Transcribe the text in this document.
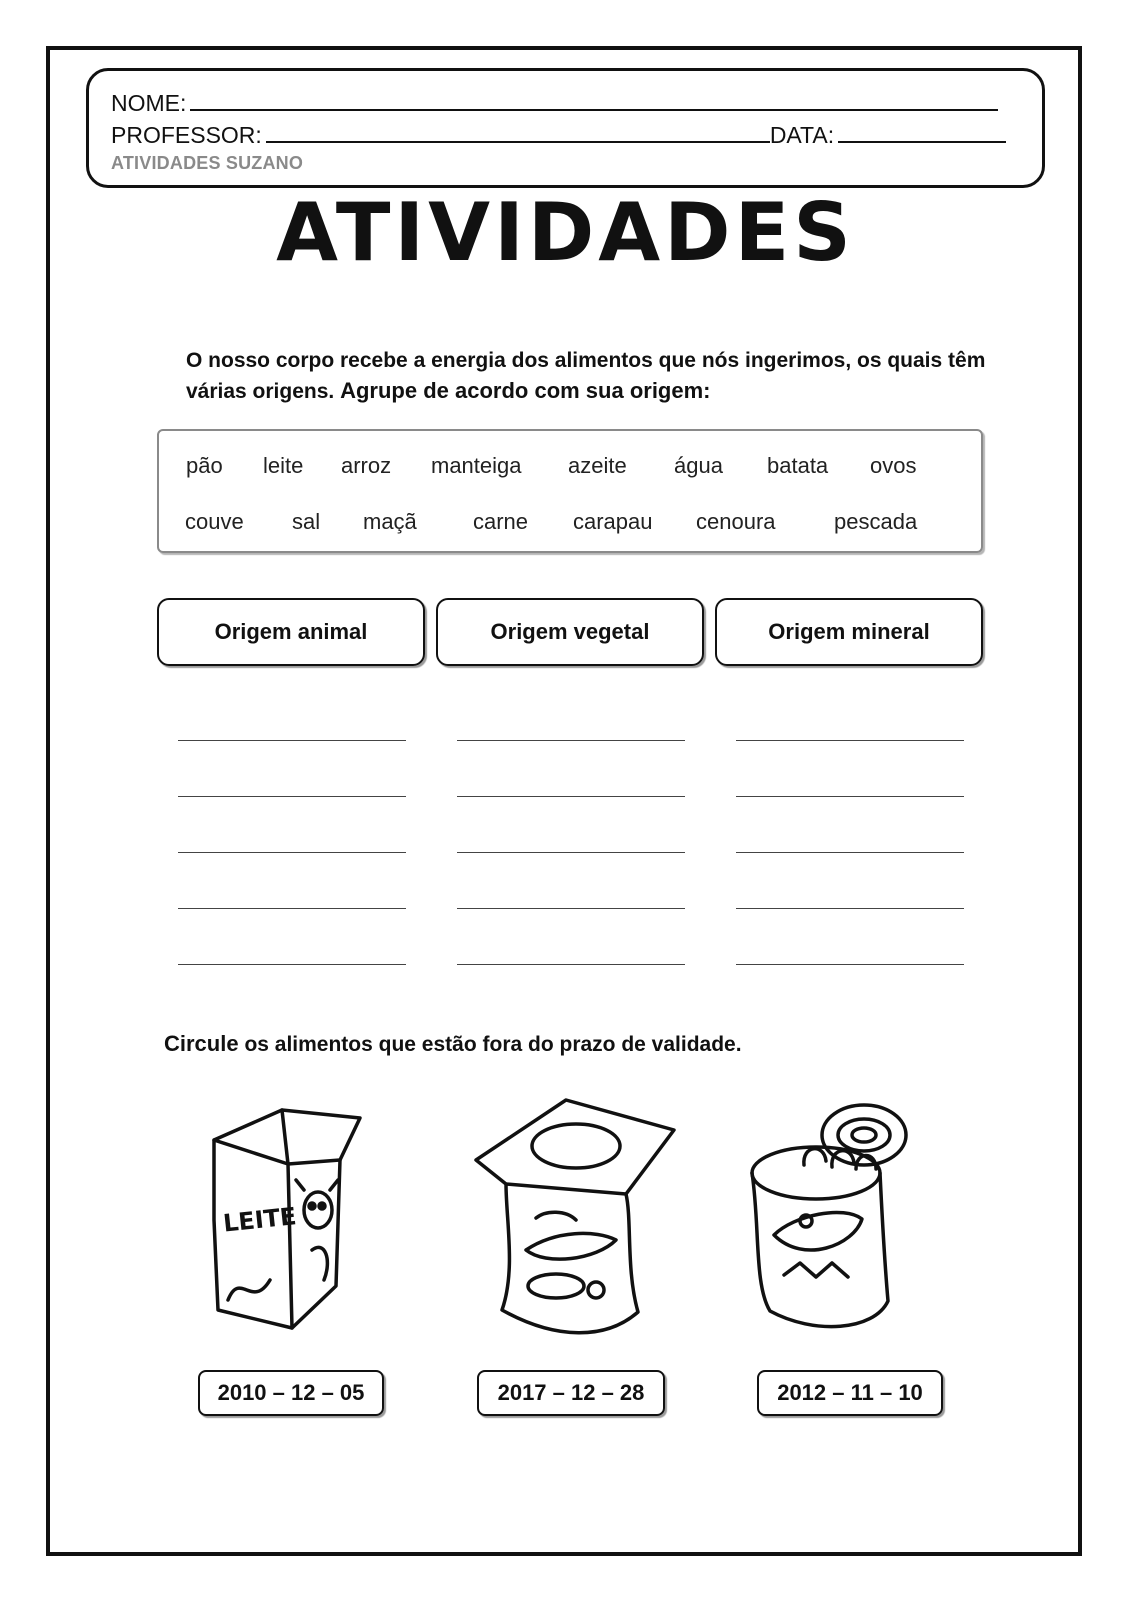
NOME:
PROFESSOR:	DATA:
ATIVIDADES SUZANO
ATIVIDADES
O nosso corpo recebe a energia dos alimentos que nós ingerimos, os quais têm várias origens. Agrupe de acordo com sua origem:
pão leite arroz manteiga azeite água batata ovos
couve sal maçã	carne carapau cenoura	pescada
Origem animal	Origem vegetal	Origem mineral
Circule os alimentos que estão fora do prazo de validade.
LEITE
2010 – 12 – 05	2017 – 12 – 28	2012 – 11 – 10
